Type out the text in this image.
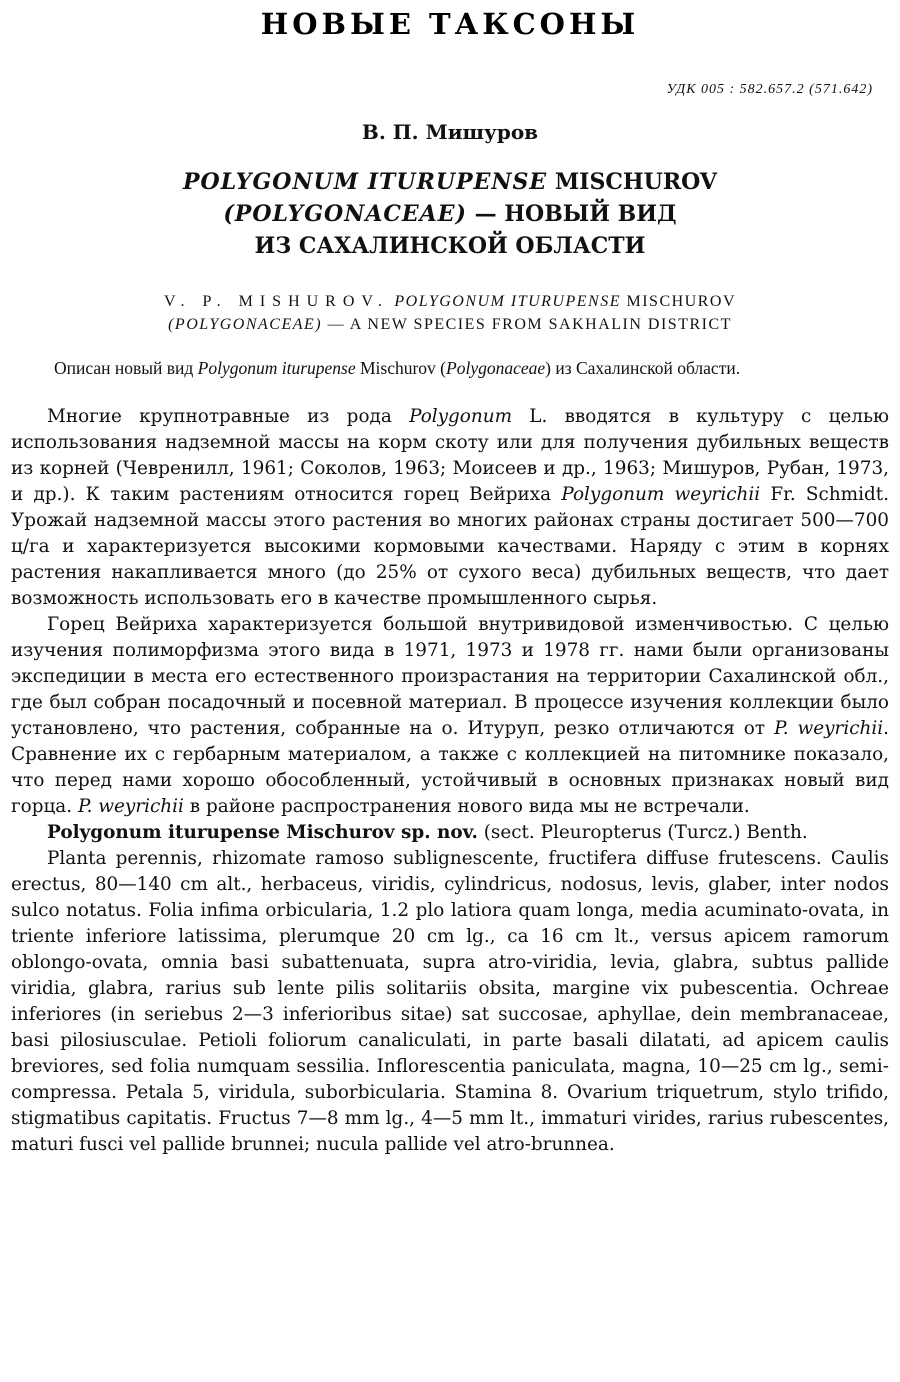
НОВЫЕ ТАКСОНЫ
УДК 005 : 582.657.2 (571.642)
В. П. Мишуров
POLYGONUM ITURUPENSE MISCHUROV
(POLYGONACEAE) — НОВЫЙ ВИД
ИЗ САХАЛИНСКОЙ ОБЛАСТИ
V. P. MISHUROV. POLYGONUM ITURUPENSE MISCHUROV
(POLYGONACEAE) — A NEW SPECIES FROM SAKHALIN DISTRICT

Описан новый вид Polygonum iturupense Mischurov (Polygonaceae) из Сахалинской области.

Многие крупнотравные из рода Polygonum L. вводятся в культуру с целью использования надземной массы на корм скоту или для получения дубильных веществ из корней (Чевренилл, 1961; Соколов, 1963; Моисеев и др., 1963; Мишуров, Рубан, 1973, и др.). К таким растениям относится горец Вейриха Polygonum weyrichii Fr. Schmidt. Урожай надземной массы этого растения во многих районах страны достигает 500—700 ц/га и характеризуется высокими кормовыми качествами. Наряду с этим в корнях растения накапливается много (до 25% от сухого веса) дубильных веществ, что дает возможность использовать его в качестве промышленного сырья.

Горец Вейриха характеризуется большой внутривидовой изменчивостью. С целью изучения полиморфизма этого вида в 1971, 1973 и 1978 гг. нами были организованы экспедиции в места его естественного произрастания на территории Сахалинской обл., где был собран посадочный и посевной материал. В процессе изучения коллекции было установлено, что растения, собранные на о. Итуруп, резко отличаются от P. weyrichii. Сравнение их с гербарным материалом, а также с коллекцией на питомнике показало, что перед нами хорошо обособленный, устойчивый в основных признаках новый вид горца. P. weyrichii в районе распространения нового вида мы не встречали.

Polygonum iturupense Mischurov sp. nov. (sect. Pleuropterus (Turcz.) Benth.

Planta perennis, rhizomate ramoso sublignescente, fructifera diffuse frutescens. Caulis erectus, 80—140 cm alt., herbaceus, viridis, cylindricus, nodosus, levis, glaber, inter nodos sulco notatus. Folia infima orbicularia, 1.2 plo latiora quam longa, media acuminato-ovata, in triente inferiore latissima, plerumque 20 cm lg., ca 16 cm lt., versus apicem ramorum oblongo-ovata, omnia basi subattenuata, supra atro-viridia, levia, glabra, subtus pallide viridia, glabra, rarius sub lente pilis solitariis obsita, margine vix pubescentia. Ochreae inferiores (in seriebus 2—3 inferioribus sitae) sat succosae, aphyllae, dein membranaceae, basi pilosiusculae. Petioli foliorum canaliculati, in parte basali dilatati, ad apicem caulis breviores, sed folia numquam sessilia. Inflorescentia paniculata, magna, 10—25 cm lg., semi-compressa. Petala 5, viridula, suborbicularia. Stamina 8. Ovarium triquetrum, stylo trifido, stigmatibus capitatis. Fructus 7—8 mm lg., 4—5 mm lt., immaturi virides, rarius rubescentes, maturi fusci vel pallide brunnei; nucula pallide vel atro-brunnea.
